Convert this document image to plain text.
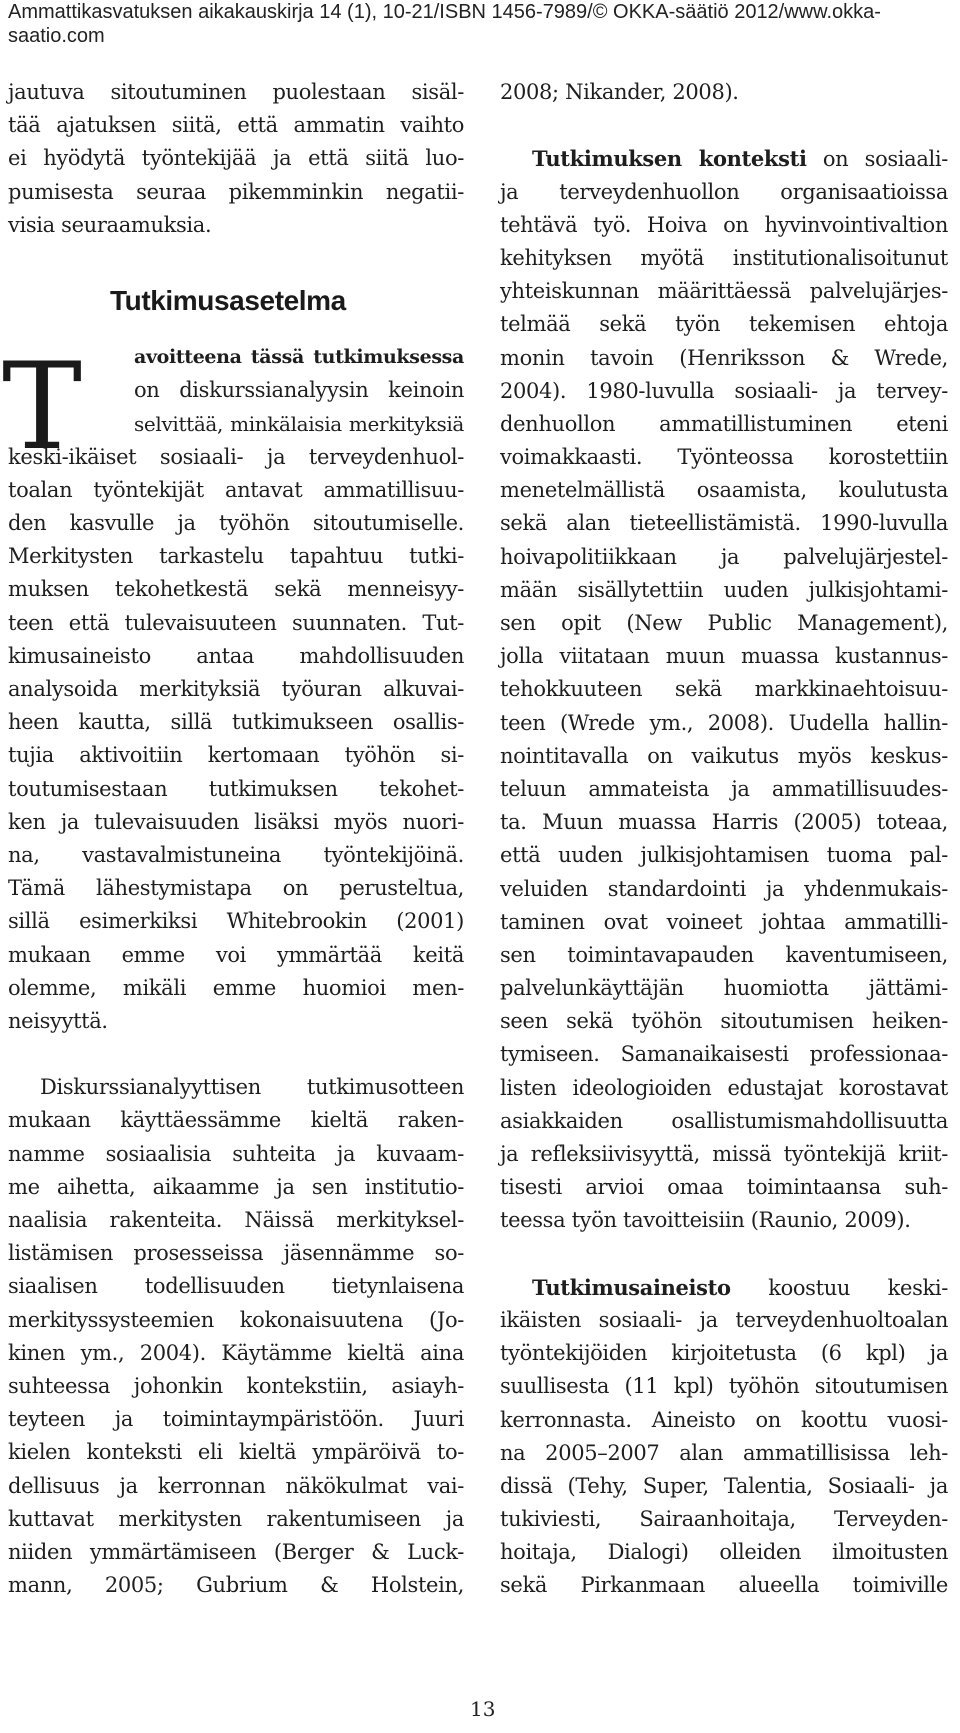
Ammattikasvatuksen aikakauskirja 14 (1), 10-21/ISBN 1456-7989/© OKKA-säätiö 2012/www.okka-
saatio.com
jautuva sitoutuminen puolestaan sisäl-
tää ajatuksen siitä, että ammatin vaihto
ei hyödytä työntekijää ja että siitä luo-
pumisesta seuraa pikemminkin negatii-
visia seuraamuksia.
Tutkimusasetelma
avoitteena tässä tutkimuksessa
on diskurssianalyysin keinoin
selvittää, minkälaisia merkityksiä
keski-ikäiset sosiaali- ja terveydenhuol-
toalan työntekijät antavat ammatillisuu-
den kasvulle ja työhön sitoutumiselle.
Merkitysten tarkastelu tapahtuu tutki-
muksen tekohetkestä sekä menneisyy-
teen että tulevaisuuteen suunnaten. Tut-
kimusaineisto antaa mahdollisuuden
analysoida merkityksiä työuran alkuvai-
heen kautta, sillä tutkimukseen osallis-
tujia aktivoitiin kertomaan työhön si-
toutumisestaan tutkimuksen tekohet-
ken ja tulevaisuuden lisäksi myös nuori-
na, vastavalmistuneina työntekijöinä.
Tämä lähestymistapa on perusteltua,
sillä esimerkiksi Whitebrookin (2001)
mukaan emme voi ymmärtää keitä
olemme, mikäli emme huomioi men-
neisyyttä.
Diskurssianalyyttisen tutkimusotteen
mukaan käyttäessämme kieltä raken-
namme sosiaalisia suhteita ja kuvaam-
me aihetta, aikaamme ja sen institutio-
naalisia rakenteita. Näissä merkityksel-
listämisen prosesseissa jäsennämme so-
siaalisen todellisuuden tietynlaisena
merkityssysteemien kokonaisuutena (Jo-
kinen ym., 2004). Käytämme kieltä aina
suhteessa johonkin kontekstiin, asiayh-
teyteen ja toimintaympäristöön. Juuri
kielen konteksti eli kieltä ympäröivä to-
dellisuus ja kerronnan näkökulmat vai-
kuttavat merkitysten rakentumiseen ja
niiden ymmärtämiseen (Berger & Luck-
mann, 2005; Gubrium & Holstein,
T
2008; Nikander, 2008).
Tutkimuksen konteksti on sosiaali-
ja terveydenhuollon organisaatioissa
tehtävä työ. Hoiva on hyvinvointivaltion
kehityksen myötä institutionalisoitunut
yhteiskunnan määrittäessä palvelujärjes-
telmää sekä työn tekemisen ehtoja
monin tavoin (Henriksson & Wrede,
2004). 1980-luvulla sosiaali- ja tervey-
denhuollon ammatillistuminen eteni
voimakkaasti. Työnteossa korostettiin
menetelmällistä osaamista, koulutusta
sekä alan tieteellistämistä. 1990-luvulla
hoivapolitiikkaan ja palvelujärjestel-
mään sisällytettiin uuden julkisjohtami-
sen opit (New Public Management),
jolla viitataan muun muassa kustannus-
tehokkuuteen sekä markkinaehtoisuu-
teen (Wrede ym., 2008). Uudella hallin-
nointitavalla on vaikutus myös keskus-
teluun ammateista ja ammatillisuudes-
ta. Muun muassa Harris (2005) toteaa,
että uuden julkisjohtamisen tuoma pal-
veluiden standardointi ja yhdenmukais-
taminen ovat voineet johtaa ammatilli-
sen toimintavapauden kaventumiseen,
palvelunkäyttäjän huomiotta jättämi-
seen sekä työhön sitoutumisen heiken-
tymiseen. Samanaikaisesti professionaa-
listen ideologioiden edustajat korostavat
asiakkaiden osallistumismahdollisuutta
ja refleksiivisyyttä, missä työntekijä kriit-
tisesti arvioi omaa toimintaansa suh-
teessa työn tavoitteisiin (Raunio, 2009).
Tutkimusaineisto koostuu keski-
ikäisten sosiaali- ja terveydenhuoltoalan
työntekijöiden kirjoitetusta (6 kpl) ja
suullisesta (11 kpl) työhön sitoutumisen
kerronnasta. Aineisto on koottu vuosi-
na 2005–2007 alan ammatillisissa leh-
dissä (Tehy, Super, Talentia, Sosiaali- ja
tukiviesti, Sairaanhoitaja, Terveyden-
hoitaja, Dialogi) olleiden ilmoitusten
sekä Pirkanmaan alueella toimiville
13
